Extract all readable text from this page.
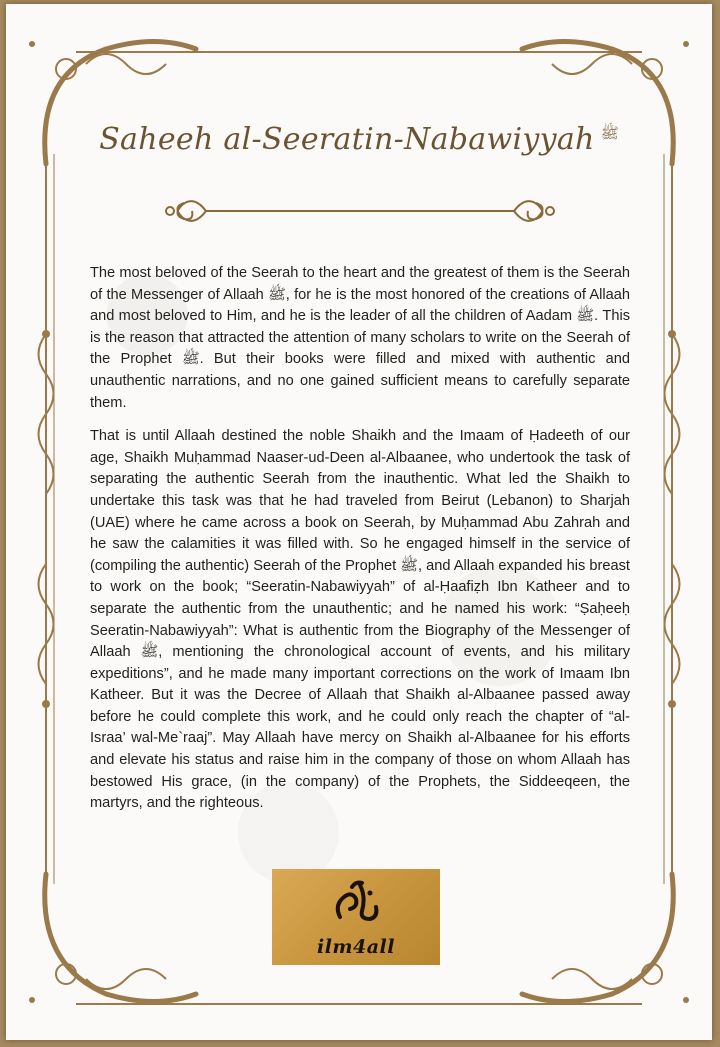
Saheeh al-Seeratin-Nabawiyyah $^ﷺ$

The most beloved of the Seerah to the heart and the greatest of them is the Seerah of the Messenger of Allaah ﷺ, for he is the most honored of the creations of Allaah and most beloved to Him, and he is the leader of all the children of Aadam ﷺ. This is the reason that attracted the attention of many scholars to write on the Seerah of the Prophet ﷺ. But their books were filled and mixed with authentic and unauthentic narrations, and no one gained sufficient means to carefully separate them.

That is until Allaah destined the noble Shaikh and the Imaam of Ḥadeeth of our age, Shaikh Muḥammad Naaser-ud-Deen al-Albaanee, who undertook the task of separating the authentic Seerah from the inauthentic. What led the Shaikh to undertake this task was that he had traveled from Beirut (Lebanon) to Sharjah (UAE) where he came across a book on Seerah, by Muḥammad Abu Zahrah and he saw the calamities it was filled with. So he engaged himself in the service of (compiling the authentic) Seerah of the Prophet ﷺ, and Allaah expanded his breast to work on the book; “Seeratin-Nabawiyyah” of al-Ḥaafiẓh Ibn Katheer and to separate the authentic from the unauthentic; and he named his work: “Ṣaḥeeḥ Seeratin-Nabawiyyah”: What is authentic from the Biography of the Messenger of Allaah ﷺ, mentioning the chronological account of events, and his military expeditions”, and he made many important corrections on the work of Imaam Ibn Katheer. But it was the Decree of Allaah that Shaikh al-Albaanee passed away before he could complete this work, and he could only reach the chapter of “al-Israa’ wal-Me`raaj”. May Allaah have mercy on Shaikh al-Albaanee for his efforts and elevate his status and raise him in the company of those on whom Allaah has bestowed His grace, (in the company) of the Prophets, the Siddeeqeen, the martyrs, and the righteous.

ilm4all
